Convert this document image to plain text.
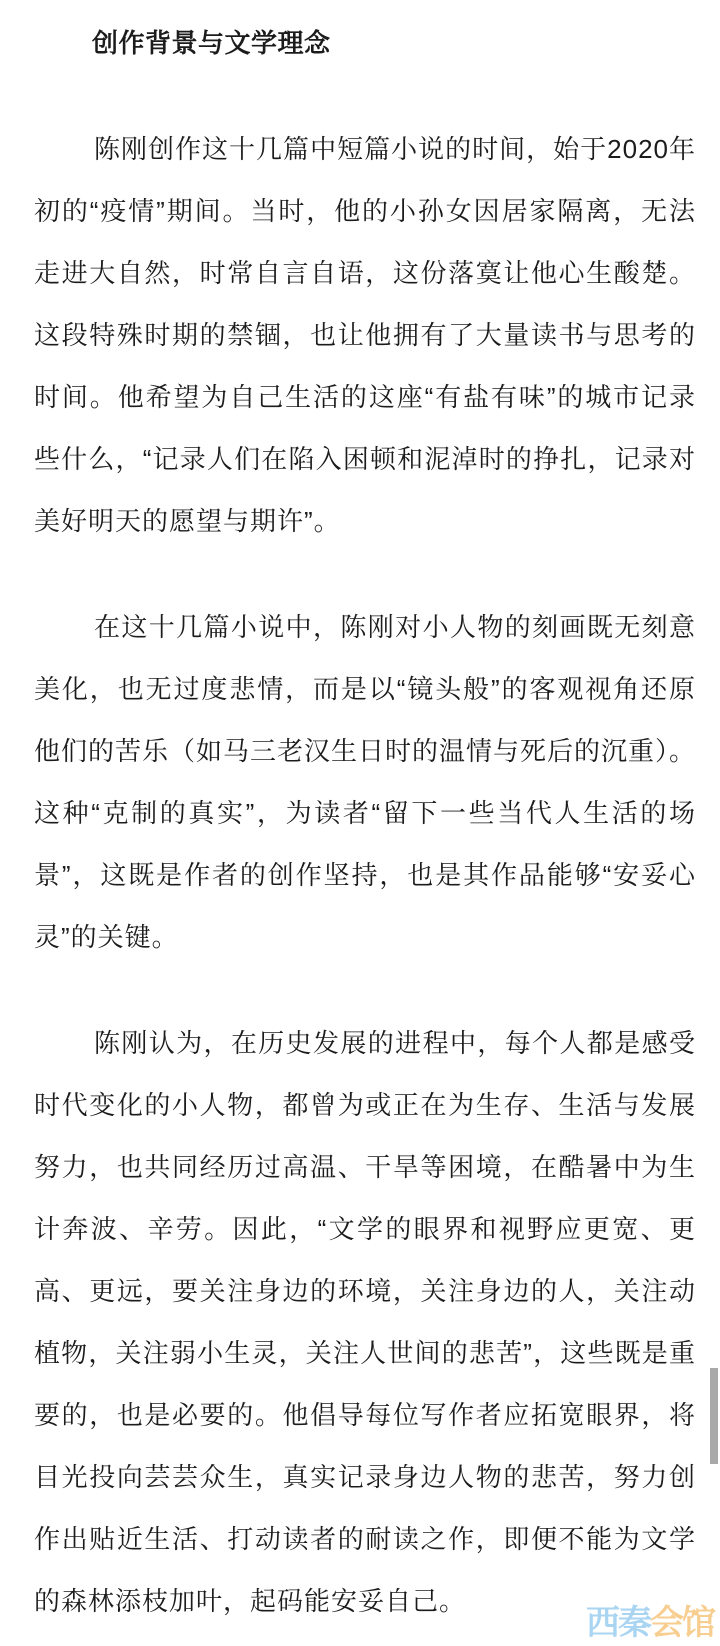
创作背景与文学理念

陈刚创作这十几篇中短篇小说的时间，始于2020年初的“疫情”期间。当时，他的小孙女因居家隔离，无法走进大自然，时常自言自语，这份落寞让他心生酸楚。这段特殊时期的禁锢，也让他拥有了大量读书与思考的时间。他希望为自己生活的这座“有盐有味”的城市记录些什么，“记录人们在陷入困顿和泥淖时的挣扎，记录对美好明天的愿望与期许”。

在这十几篇小说中，陈刚对小人物的刻画既无刻意美化，也无过度悲情，而是以“镜头般”的客观视角还原他们的苦乐（如马三老汉生日时的温情与死后的沉重）。这种“克制的真实”，为读者“留下一些当代人生活的场景”，这既是作者的创作坚持，也是其作品能够“安妥心灵”的关键。

陈刚认为，在历史发展的进程中，每个人都是感受时代变化的小人物，都曾为或正在为生存、生活与发展努力，也共同经历过高温、干旱等困境，在酷暑中为生计奔波、辛劳。因此，“文学的眼界和视野应更宽、更高、更远，要关注身边的环境，关注身边的人，关注动植物，关注弱小生灵，关注人世间的悲苦”，这些既是重要的，也是必要的。他倡导每位写作者应拓宽眼界，将目光投向芸芸众生，真实记录身边人物的悲苦，努力创作出贴近生活、打动读者的耐读之作，即便不能为文学的森林添枝加叶，起码能安妥自己。

西秦会馆
